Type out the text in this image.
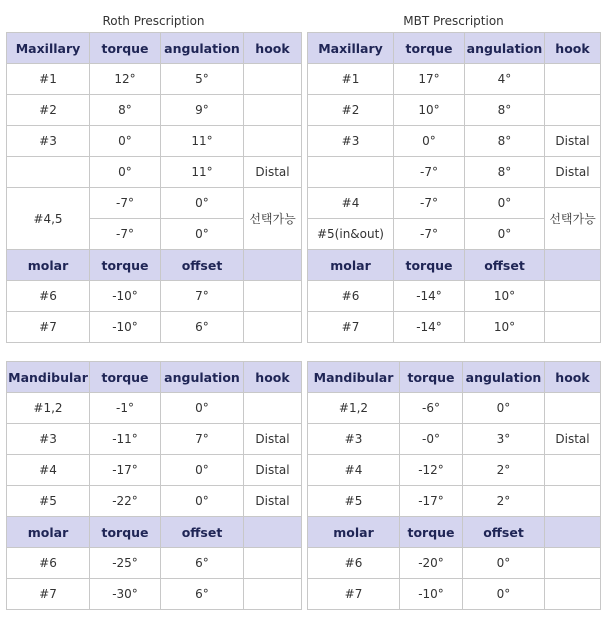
Roth Prescription	MBT Prescription
Maxillary	torque	angulation	hook
#1	12°	5°	
#2	8°	9°	
#3	0°	11°	
	0°	11°	Distal
#4,5	-7°	0°	선택가능
	-7°	0°	
molar	torque	offset	
#6	-10°	7°	
#7	-10°	6°	
Maxillary	torque	angulation	hook
#1	17°	4°	
#2	10°	8°	
#3	0°	8°	Distal
	-7°	8°	Distal
#4	-7°	0°	선택가능
#5(in&out)	-7°	0°	
molar	torque	offset	
#6	-14°	10°	
#7	-14°	10°	
Mandibular	torque	angulation	hook
#1,2	-1°	0°	
#3	-11°	7°	Distal
#4	-17°	0°	Distal
#5	-22°	0°	Distal
molar	torque	offset	
#6	-25°	6°	
#7	-30°	6°	
Mandibular	torque	angulation	hook
#1,2	-6°	0°	
#3	-0°	3°	Distal
#4	-12°	2°	
#5	-17°	2°	
molar	torque	offset	
#6	-20°	0°	
#7	-10°	0°	
